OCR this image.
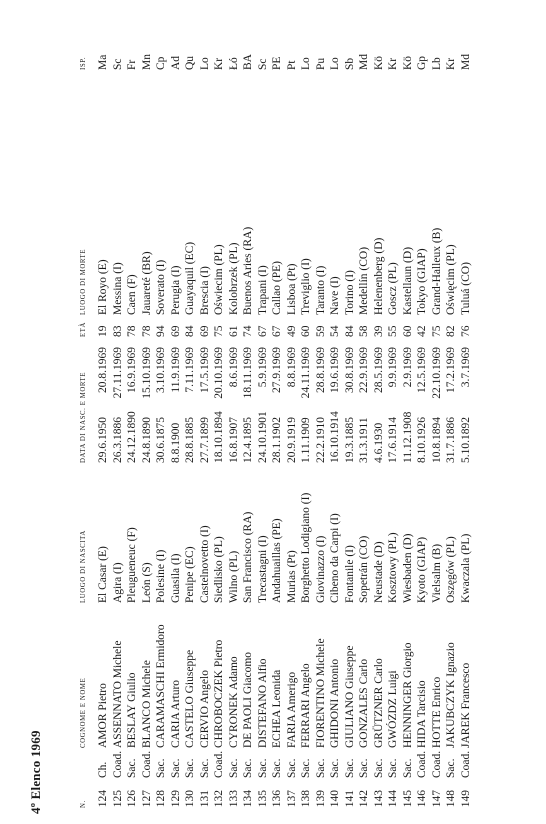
4º Elenco 1969	N.		COGNOME E NOME	LUOGO DI NASCITA	DATA DI NASC. E MORTE		ETÀ	LUOGO DI MORTE	ISP.
124	Ch.	AMOR Pietro	El Casar (E)	29.6.1950	20.8.1969	19	El Royo (E)	Ma
125	Coad.	ASSENNATO Michele	Agira (I)	26.3.1886	27.11.1969	83	Messina (I)	Sc
126	Sac.	BESLAY Giulio	Pleugueneuc (F)	24.12.1890	16.9.1969	78	Caen (F)	Fr
127	Coad.	BLANCO Michele	León (S)	24.8.1890	15.10.1969	78	Jauareté (BR)	Mn
128	Sac.	CARAMASCHI Ermidoro	Polesine (I)	30.6.1875	3.10.1969	94	Soverato (I)	Cp
129	Sac.	CARIA Arturo	Guasila (I)	8.8.1900	11.9.1969	69	Perugia (I)	Ad
130	Sac.	CASTELO Giuseppe	Penipe (EC)	28.8.1885	7.11.1969	84	Guayaquil (EC)	Qu
131	Sac.	CERVIO Angelo	Castelnovetto (I)	27.7.1899	17.5.1969	69	Brescia (I)	Lo
132	Coad.	CHROBOCZEK Pietro	Siedlisko (PL)	18.10.1894	20.10.1969	75	Oświecim (PL)	Kr
133	Sac.	CYRONEK Adamo	Wilno (PL)	16.8.1907	8.6.1969	61	Kolobrzek (PL)	Łó
134	Sac.	DE PAOLI Giacomo	San Francisco (RA)	12.4.1895	18.11.1969	74	Buenos Aries (RA)	BA
135	Sac.	DISTEFANO Alfio	Trecastagni (I)	24.10.1901	5.9.1969	67	Trapani (I)	Sc
136	Sac.	ECHEA Leonida	Andahuaillas (PE)	28.1.1902	27.9.1969	67	Callao (PE)	PE
137	Sac.	FARIA Amerigo	Murias (Pt)	20.9.1919	8.8.1969	49	Lisboa (Pt)	Pt
138	Sac.	FERRARI Angelo	Borghetto Lodigiano (I)	1.11.1909	24.11.1969	60	Treviglio (I)	Lo
139	Sac.	FIORENTINO Michele	Giovinazzo (I)	22.2.1910	28.8.1969	59	Taranto (I)	Pu
140	Sac.	GHIDONI Antonio	Cibeno da Carpi (I)	16.10.1914	19.6.1969	54	Nave (I)	Lo
141	Sac.	GIULIANO Giuseppe	Fontanile (I)	19.3.1885	30.8.1969	84	Torino (I)	Sb
142	Sac.	GONZALES Carlo	Sopetrán (CO)	31.3.1911	22.9.1969	58	Medellín (CO)	Md
143	Sac.	GRÜTZNER Carlo	Neustade (D)	4.6.1930	28.5.1969	39	Helenenberg (D)	Kö
144	Sac.	GWÓZDZ Luigi	Kosztowy (PL)	17.6.1914	9.9.1969	55	Goscz (PL)	Kr
145	Sac.	HENNINGER Giorgio	Wiesbaden (D)	11.12.1908	2.9.1969	60	Kastellaun (D)	Kö
146	Coad.	HIDA Tarcisio	Kyoto (GIAP)	8.10.1926	12.5.1969	42	Tokyo (GIAP)	Gp
147	Coad.	HOTTE Enrico	Vielsalm (B)	10.8.1894	22.10.1969	75	Grand-Halleux (B)	Lb
148	Sac.	JAKUBCZYK Ignazio	Oszęgów (PL)	31.7.1886	17.2.1969	82	Oświęcim (PL)	Kr
149	Coad.	JAREK Francesco	Kwaczala (PL)	5.10.1892	3.7.1969	76	Tuluá (CO)	Md
